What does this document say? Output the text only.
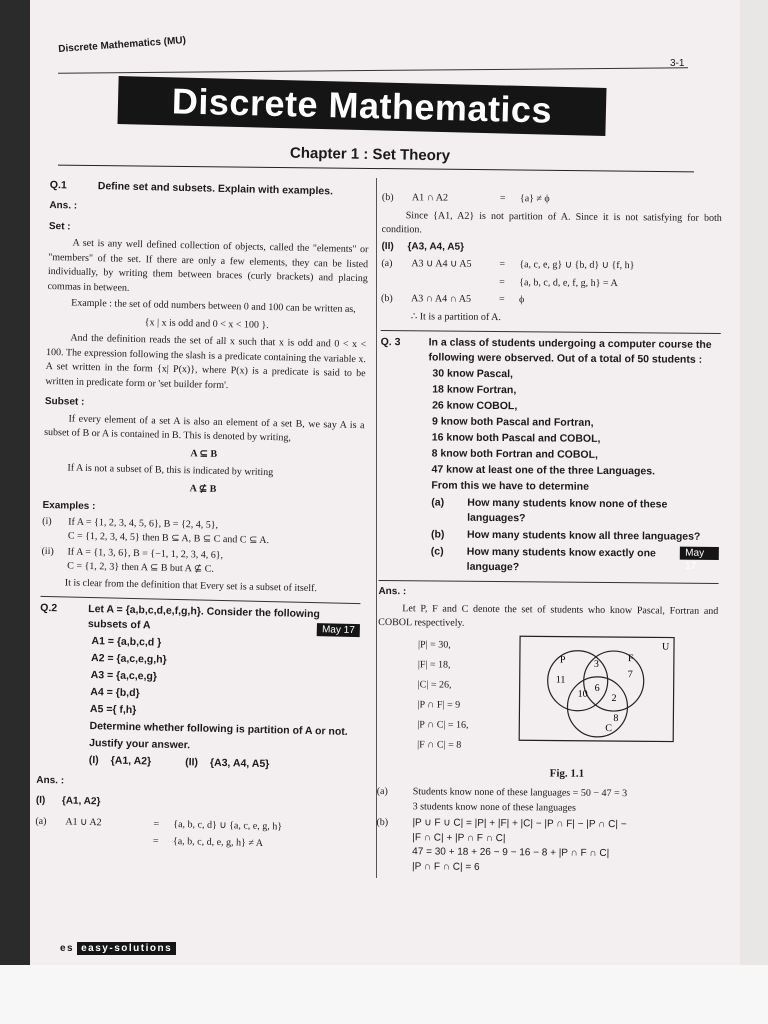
Discrete Mathematics (MU)
3-1
Discrete Mathematics
Chapter 1 : Set Theory
Q.1	Define set and subsets. Explain with examples.
Ans. :
Set :

A set is any well defined collection of objects, called the "elements" or "members" of the set. If there are only a few elements, they can be listed individually, by writing them between braces (curly brackets) and placing commas in between.

Example : the set of odd numbers between 0 and 100 can be written as,

{x | x is odd and 0 < x < 100 }.

And the definition reads the set of all x such that x is odd and 0 < x < 100. The expression following the slash is a predicate containing the variable x. A set written in the form {x| P(x)}, where P(x) is a predicate is said to be written in predicate form or 'set builder form'.

Subset :

If every element of a set A is also an element of a set B, we say A is a subset of B or A is contained in B. This is denoted by writing,

A ⊆ B

If A is not a subset of B, this is indicated by writing

A ⊈ B
Examples :
(i)	If A = {1, 2, 3, 4, 5, 6}, B = {2, 4, 5},
C = {1, 2, 3, 4, 5} then B ⊆ A, B ⊆ C and C ⊆ A.
(ii)	If A = {1, 3, 6}, B = {−1, 1, 2, 3, 4, 6},
C = {1, 2, 3} then A ⊆ B but A ⊈ C.

It is clear from the definition that Every set is a subset of itself.

Q.2	Let A = {a,b,c,d,e,f,g,h}. Consider the following subsets of A	May 17
A1 = {a,b,c,d }
A2 = {a,c,e,g,h}
A3 = {a,c,e,g}
A4 = {b,d}
A5 ={ f,h}
Determine whether following is partition of A or not. Justify your answer.
(I) {A1, A2}	(II) {A3, A4, A5}
Ans. :
(I)	{A1, A2}
(a)	A1 ∪ A2	=	{a, b, c, d} ∪ {a, c, e, g, h}
=	{a, b, c, d, e, g, h} ≠ A
(b)	A1 ∩ A2	=	{a} ≠ ϕ

Since {A1, A2} is not partition of A. Since it is not satisfying for both condition.

(II)	{A3, A4, A5}
(a)	A3 ∪ A4 ∪ A5	=	{a, c, e, g} ∪ {b, d} ∪ {f, h}
=	{a, b, c, d, e, f, g, h} = A
(b)	A3 ∩ A4 ∩ A5	=	ϕ
∴ It is a partition of A.
Q. 3	In a class of students undergoing a computer course the following were observed. Out of a total of 50 students :
30 know Pascal,
18 know Fortran,
26 know COBOL,
9 know both Pascal and Fortran,
16 know both Pascal and COBOL,
8 know both Fortran and COBOL,
47 know at least one of the three Languages.
From this we have to determine
(a)	How many students know none of these languages?
(b)	How many students know all three languages?
(c)	How many students know exactly one language?
May 17
Ans. :

Let P, F and C denote the set of students who know Pascal, Fortran and COBOL respectively.

|P| = 30,
|F| = 18,
|C| = 26,
|P ∩ F| = 9
|P ∩ C| = 16,
|F ∩ C| = 8
U
P	F
C
11	7
8
3
10 2
6
Fig. 1.1
(a)	Students know none of these languages = 50 − 47 = 3
3 students know none of these languages
(b)	|P ∪ F ∪ C| = |P| + |F| + |C| − |P ∩ F| − |P ∩ C| −
|F ∩ C| + |P ∩ F ∩ C|
47 = 30 + 18 + 26 − 9 − 16 − 8 + |P ∩ F ∩ C|
|P ∩ F ∩ C| = 6
es easy-solutions
